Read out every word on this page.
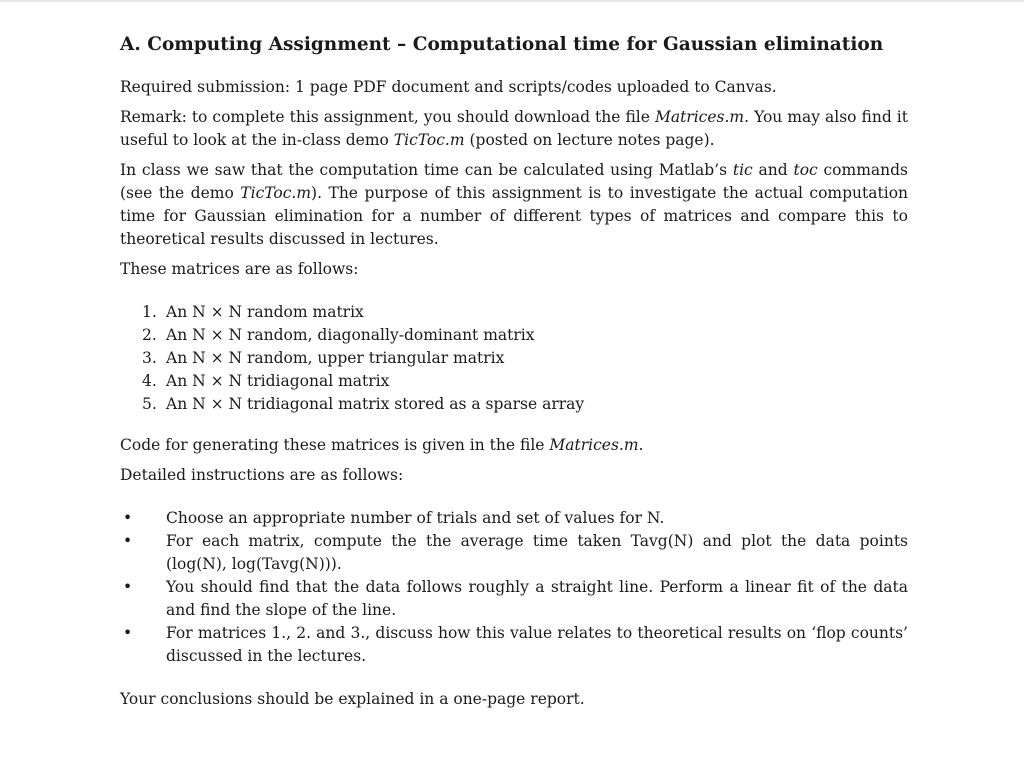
A. Computing Assignment – Computational time for Gaussian elimination

Required submission: 1 page PDF document and scripts/codes uploaded to Canvas.

Remark: to complete this assignment, you should download the file Matrices.m. You may also find it useful to look at the in-class demo TicToc.m (posted on lecture notes page).

In class we saw that the computation time can be calculated using Matlab’s tic and toc commands (see the demo TicToc.m). The purpose of this assignment is to investigate the actual computation time for Gaussian elimination for a number of different types of matrices and compare this to theoretical results discussed in lectures.

These matrices are as follows:

1. An N × N random matrix
2. An N × N random, diagonally-dominant matrix
3. An N × N random, upper triangular matrix
4. An N × N tridiagonal matrix
5. An N × N tridiagonal matrix stored as a sparse array

Code for generating these matrices is given in the file Matrices.m.

Detailed instructions are as follows:

•	Choose an appropriate number of trials and set of values for N.
•	For each matrix, compute the the average time taken Tavg(N) and plot the data points (log(N), log(Tavg(N))).
•	You should find that the data follows roughly a straight line. Perform a linear fit of the data and find the slope of the line.
•	For matrices 1., 2. and 3., discuss how this value relates to theoretical results on ‘flop counts’ discussed in the lectures.

Your conclusions should be explained in a one-page report.
